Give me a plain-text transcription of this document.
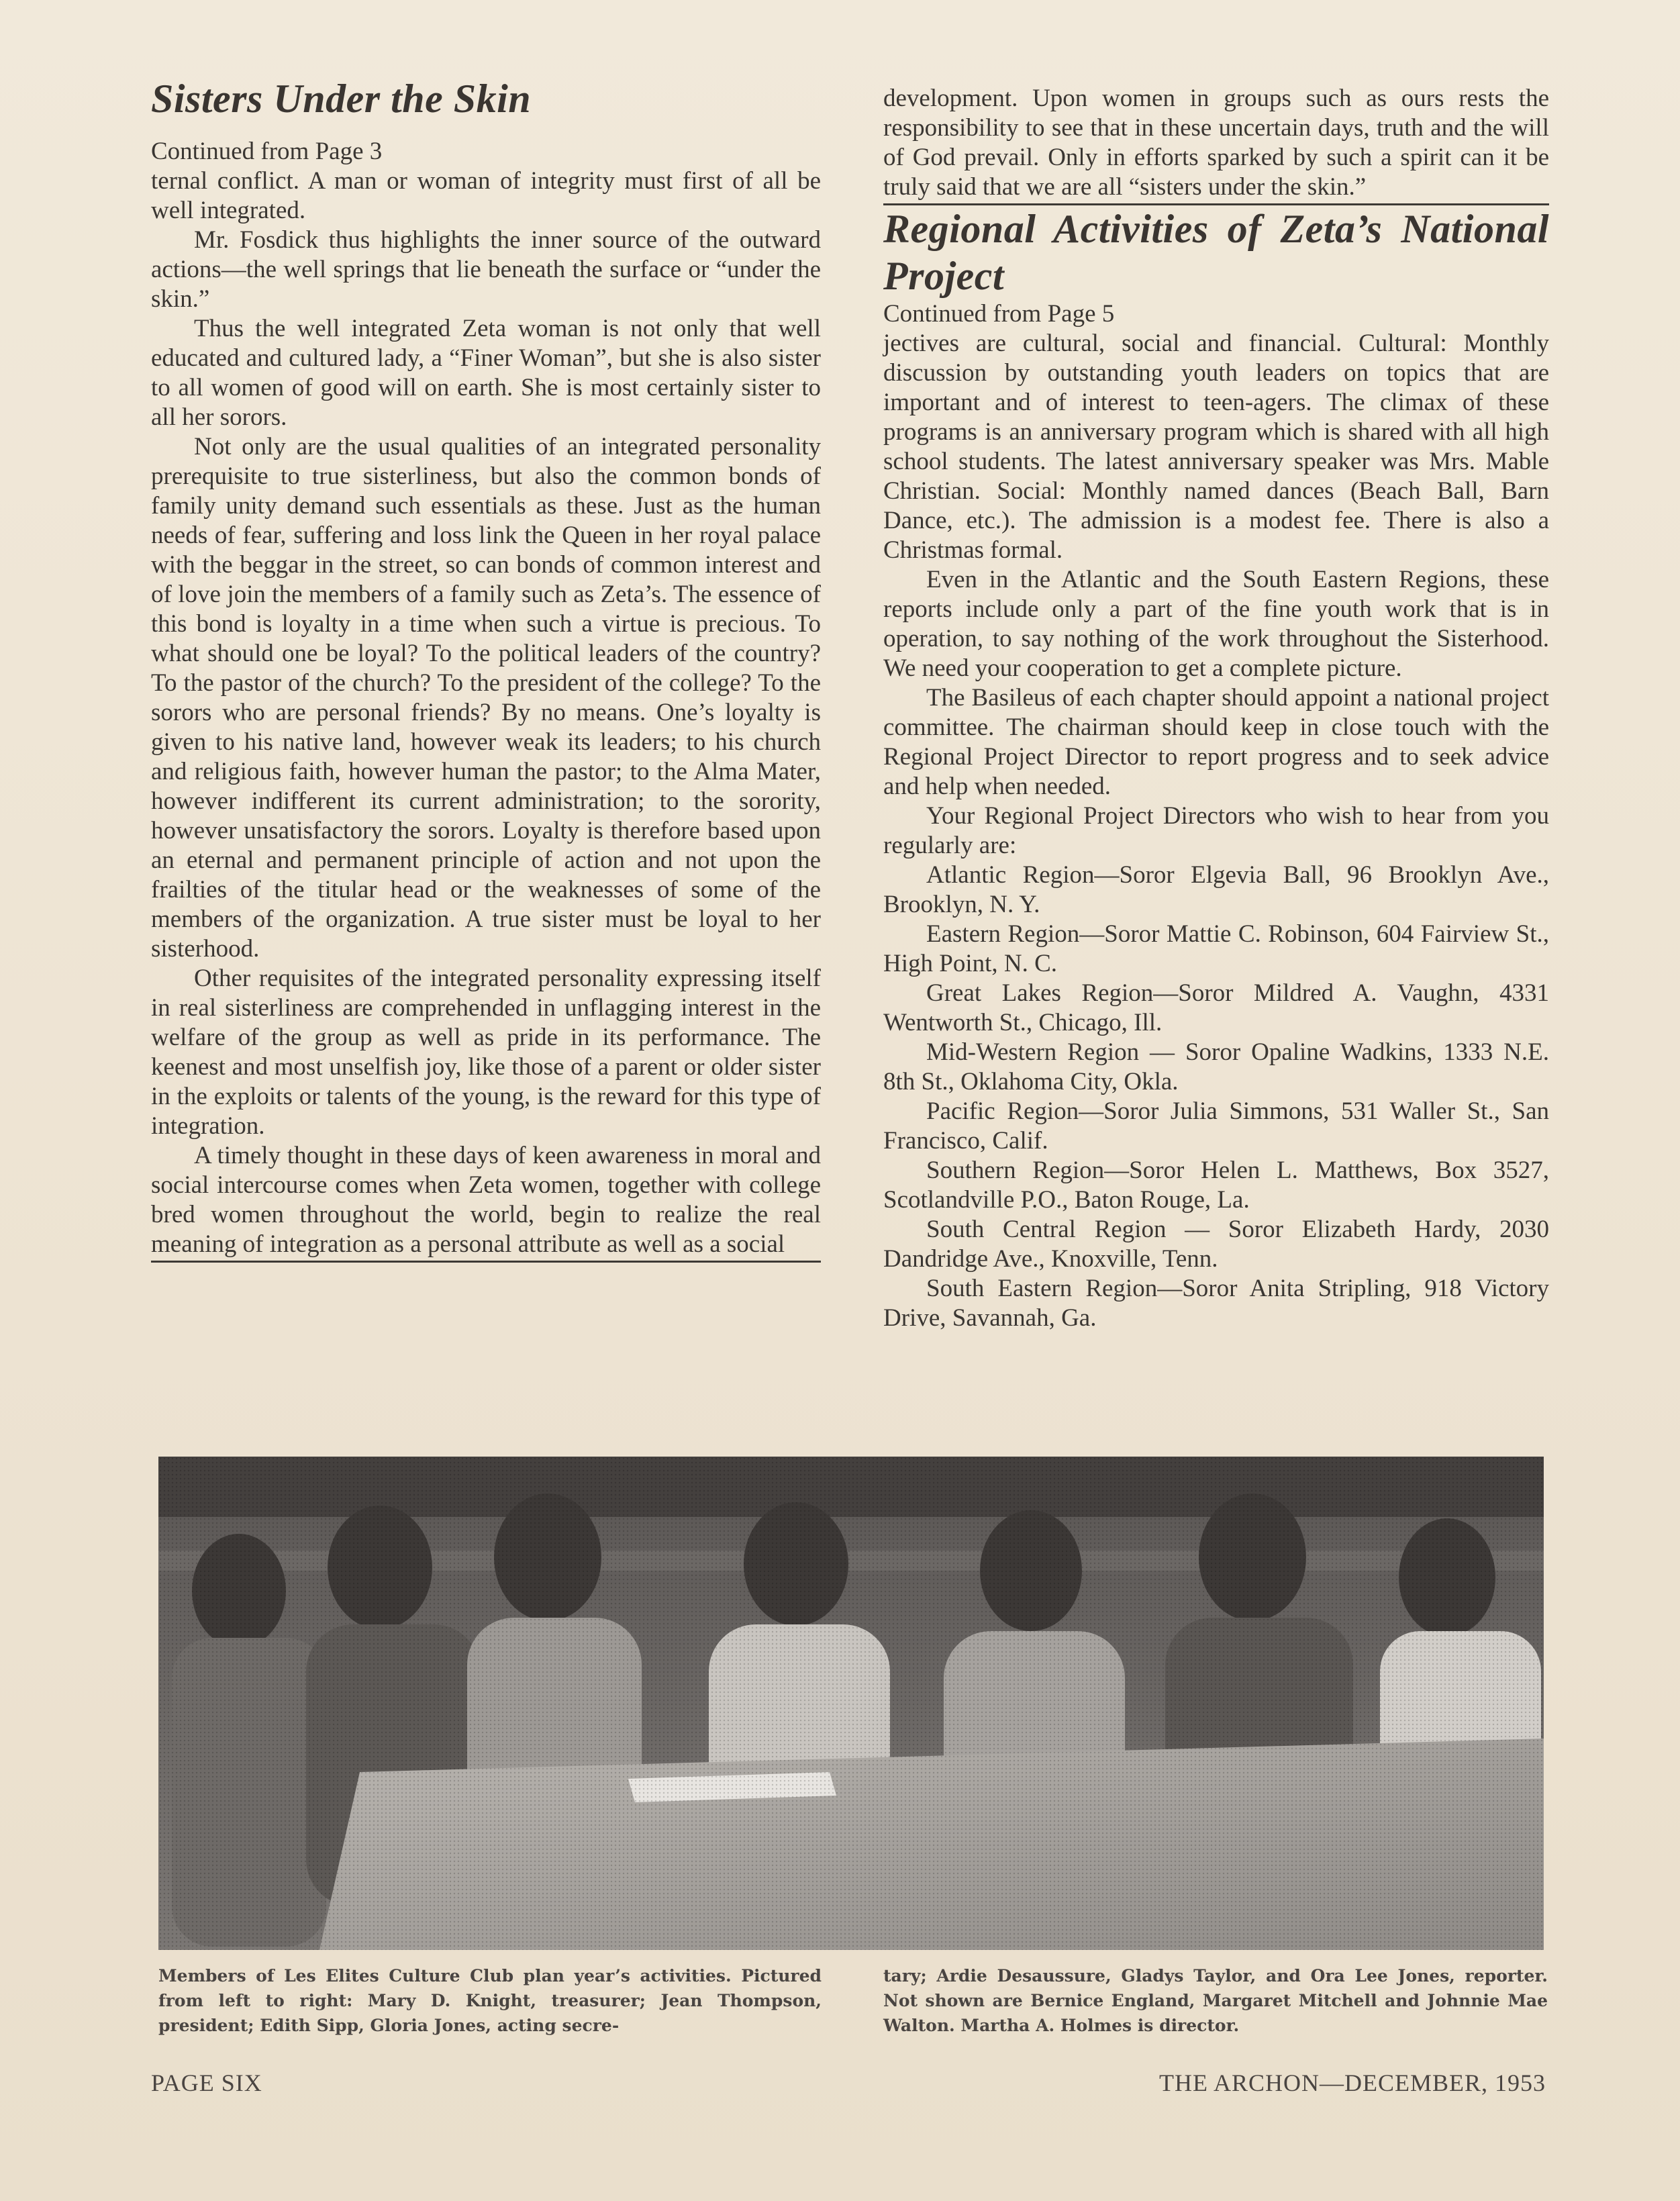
Sisters Under the Skin

Continued from Page 3

ternal conflict. A man or woman of integrity must first of all be well integrated.

Mr. Fosdick thus highlights the inner source of the outward actions—the well springs that lie beneath the surface or “under the skin.”

Thus the well integrated Zeta woman is not only that well educated and cultured lady, a “Finer Woman”, but she is also sister to all women of good will on earth. She is most certainly sister to all her sorors.

Not only are the usual qualities of an integrated personality prerequisite to true sisterliness, but also the common bonds of family unity demand such essentials as these. Just as the human needs of fear, suffering and loss link the Queen in her royal palace with the beggar in the street, so can bonds of common interest and of love join the members of a family such as Zeta’s. The essence of this bond is loyalty in a time when such a virtue is precious. To what should one be loyal? To the political leaders of the country? To the pastor of the church? To the president of the college? To the sorors who are personal friends? By no means. One’s loyalty is given to his native land, however weak its leaders; to his church and religious faith, however human the pastor; to the Alma Mater, however indifferent its current administration; to the sorority, however unsatisfactory the sorors. Loyalty is therefore based upon an eternal and permanent principle of action and not upon the frailties of the titular head or the weaknesses of some of the members of the organization. A true sister must be loyal to her sisterhood.

Other requisites of the integrated personality expressing itself in real sisterliness are comprehended in unflagging interest in the welfare of the group as well as pride in its performance. The keenest and most unselfish joy, like those of a parent or older sister in the exploits or talents of the young, is the reward for this type of integration.

A timely thought in these days of keen awareness in moral and social intercourse comes when Zeta women, together with college bred women throughout the world, begin to realize the real meaning of integration as a personal attribute as well as a social

development. Upon women in groups such as ours rests the responsibility to see that in these uncertain days, truth and the will of God prevail. Only in efforts sparked by such a spirit can it be truly said that we are all “sisters under the skin.”

Regional Activities of Zeta’s National Project

Continued from Page 5

jectives are cultural, social and financial. Cultural: Monthly discussion by outstanding youth leaders on topics that are important and of interest to teen-agers. The climax of these programs is an anniversary program which is shared with all high school students. The latest anniversary speaker was Mrs. Mable Christian. Social: Monthly named dances (Beach Ball, Barn Dance, etc.). The admission is a modest fee. There is also a Christmas formal.

Even in the Atlantic and the South Eastern Regions, these reports include only a part of the fine youth work that is in operation, to say nothing of the work throughout the Sisterhood. We need your cooperation to get a complete picture.

The Basileus of each chapter should appoint a national project committee. The chairman should keep in close touch with the Regional Project Director to report progress and to seek advice and help when needed.

Your Regional Project Directors who wish to hear from you regularly are:

Atlantic Region—Soror Elgevia Ball, 96 Brooklyn Ave., Brooklyn, N. Y.

Eastern Region—Soror Mattie C. Robinson, 604 Fairview St., High Point, N. C.

Great Lakes Region—Soror Mildred A. Vaughn, 4331 Wentworth St., Chicago, Ill.

Mid-Western Region — Soror Opaline Wadkins, 1333 N.E. 8th St., Oklahoma City, Okla.

Pacific Region—Soror Julia Simmons, 531 Waller St., San Francisco, Calif.

Southern Region—Soror Helen L. Matthews, Box 3527, Scotlandville P.O., Baton Rouge, La.

South Central Region — Soror Elizabeth Hardy, 2030 Dandridge Ave., Knoxville, Tenn.

South Eastern Region—Soror Anita Stripling, 918 Victory Drive, Savannah, Ga.

Members of Les Elites Culture Club plan year’s activities. Pictured from left to right: Mary D. Knight, treasurer; Jean Thompson, president; Edith Sipp, Gloria Jones, acting secre-

tary; Ardie Desaussure, Gladys Taylor, and Ora Lee Jones, reporter. Not shown are Bernice England, Margaret Mitchell and Johnnie Mae Walton. Martha A. Holmes is director.

PAGE SIX	THE ARCHON—DECEMBER, 1953
